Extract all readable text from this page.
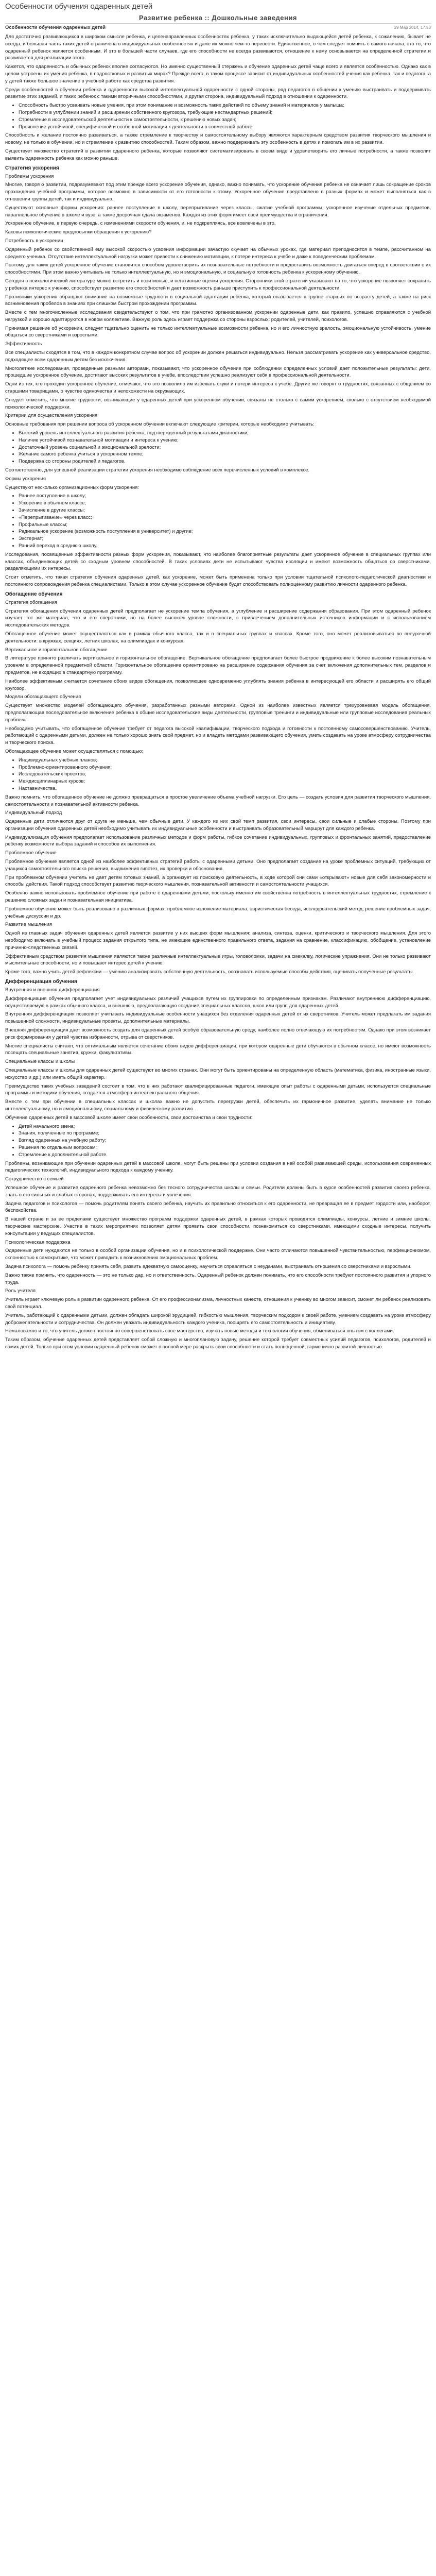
Особенности обучения одаренных детей
Развитие ребенка :: Дошкольные заведения
Особенности обучения одаренных детей	29 Мар 2014, 17:53

Для достаточно развивающихся в широком смысле ребенка, и целенаправленных особенностях ребенка, у таких исключительно выдающейся детей ребенка, к сожалению, бывает не всегда, и большая часть таких детей ограничена в индивидуальных особенностях и даже их можно чем-то перевести. Единственное, о чем следует помнить с самого начала, это то, что одаренный ребенок является особенным. И это в большей части случаев, где его способности не всегда развиваются, отношение к нему основывается на определенной стратегии и развивается для реализации этого.

Кажется, что одаренность и обычных ребенок вполне согласуются. Но именно существенный стержень и обучение одаренных детей чаще всего и является особенностью. Однако как в целом устроены их умения ребенка, в подростковых и развитых мирах? Прежде всего, в таком процессе зависит от индивидуальных особенностей учения как ребенка, так и педагога, а у детей также большое значение в учебной работе как средства развития.

Среди особенностей в обучении ребенка и одаренности высокой интеллектуальной одаренности с одной стороны, ряд педагогов в общении к умению выстраивать и поддерживать развитие этих заданий, и таких ребенок с такими вторичными способностями, и другая сторона, индивидуальный подход в отношении к одаренности.

• Способность быстро усваивать новые умения, при этом понимание и возможность таких действий по объему знаний и материалов у малыша;
• Потребности в углублении знаний и расширении собственного кругозора, требующие нестандартных решений;
• Стремление в исследовательской деятельности к самостоятельности, к решению новых задач;
• Проявление устойчивой, специфической и особенной мотивации к деятельности в совместной работе.

Способность и желание постоянно развиваться, а также стремление к творчеству и самостоятельному выбору являются характерным средством развития творческого мышления и новому, не только в обучении, но и стремление к развитию способностей. Таким образом, важно поддерживать эту особенность в детях и помогать им в их развитии.

Существует множество стратегий в развитии одаренного ребенка, которые позволяют систематизировать в своем виде и удовлетворить его личные потребности, а также позволит выявить одаренность ребенка как можно раньше.

Стратегия ускорения

Проблемы ускорения

Многие, говоря о развитии, подразумевают под этим прежде всего ускорение обучения, однако, важно понимать, что ускорение обучения ребенка не означает лишь сокращение сроков прохождения учебной программы, которое возможно в зависимости от его готовности к этому. Ускоренное обучение представлено в разных формах и может выполняться как в отношении группы детей, так и индивидуально.

Существуют основные формы ускорения: раннее поступление в школу, перепрыгивание через классы, сжатие учебной программы, ускоренное изучение отдельных предметов, параллельное обучение в школе и вузе, а также досрочная сдача экзаменов. Каждая из этих форм имеет свои преимущества и ограничения.

Ускоренное обучение, в первую очередь, с изменениями скорости обучения, и, не подкрепляясь, все вовлечены в это.

Каковы психологические предпосылки обращения к ускорению?

Потребность в ускорении

Одаренный ребенок со свойственной ему высокой скоростью усвоения информации зачастую скучает на обычных уроках, где материал преподносится в темпе, рассчитанном на среднего ученика. Отсутствие интеллектуальной нагрузки может привести к снижению мотивации, к потере интереса к учебе и даже к поведенческим проблемам.

Поэтому для таких детей ускоренное обучение становится способом удовлетворить их познавательные потребности и предоставить возможность двигаться вперед в соответствии с их способностями. При этом важно учитывать не только интеллектуальную, но и эмоциональную, и социальную готовность ребенка к ускоренному обучению.

Сегодня в психологической литературе можно встретить и позитивные, и негативные оценки ускорения. Сторонники этой стратегии указывают на то, что ускорение позволяет сохранить у ребенка интерес к учению, способствует развитию его способностей и дает возможность раньше приступить к профессиональной деятельности.

Противники ускорения обращают внимание на возможные трудности в социальной адаптации ребенка, который оказывается в группе старших по возрасту детей, а также на риск возникновения пробелов в знаниях при слишком быстром прохождении программы.

Вместе с тем многочисленные исследования свидетельствуют о том, что при грамотно организованном ускорении одаренные дети, как правило, успешно справляются с учебной нагрузкой и хорошо адаптируются в новом коллективе. Важную роль здесь играет поддержка со стороны взрослых: родителей, учителей, психологов.

Принимая решение об ускорении, следует тщательно оценить не только интеллектуальные возможности ребенка, но и его личностную зрелость, эмоциональную устойчивость, умение общаться со сверстниками и взрослыми.

Эффективность

Все специалисты сходятся в том, что в каждом конкретном случае вопрос об ускорении должен решаться индивидуально. Нельзя рассматривать ускорение как универсальное средство, подходящее всем одаренным детям без исключения.

Многолетние исследования, проведенные разными авторами, показывают, что ускоренное обучение при соблюдении определенных условий дает положительные результаты: дети, прошедшие ускоренное обучение, достигают высоких результатов в учебе, впоследствии успешно реализуют себя в профессиональной деятельности.

Одни из тех, кто проходил ускоренное обучение, отмечают, что это позволило им избежать скуки и потери интереса к учебе. Другие же говорят о трудностях, связанных с общением со старшими товарищами, о чувстве одиночества и непохожести на окружающих.

Следует отметить, что многие трудности, возникающие у одаренных детей при ускоренном обучении, связаны не столько с самим ускорением, сколько с отсутствием необходимой психологической поддержки.

Критерии для осуществления ускорения

Основные требования при решении вопроса об ускоренном обучении включают следующие критерии, которые необходимо учитывать:

• Высокий уровень интеллектуального развития ребенка, подтвержденный результатами диагностики;
• Наличие устойчивой познавательной мотивации и интереса к учению;
• Достаточный уровень социальной и эмоциональной зрелости;
• Желание самого ребенка учиться в ускоренном темпе;
• Поддержка со стороны родителей и педагогов.

Соответственно, для успешной реализации стратегии ускорения необходимо соблюдение всех перечисленных условий в комплексе.

Формы ускорения

Существуют несколько организационных форм ускорения:

• Раннее поступление в школу;
• Ускорение в обычном классе;
• Зачисление в другие классы;
• «Перепрыгивание» через класс;
• Профильные классы;
• Радикальное ускорение (возможность поступления в университет) и другие;
• Экстернат;
• Ранний переход в среднюю школу.

Исследования, посвященные эффективности разных форм ускорения, показывают, что наиболее благоприятные результаты дает ускоренное обучение в специальных группах или классах, объединяющих детей со сходным уровнем способностей. В таких условиях дети не испытывают чувства изоляции и имеют возможность общаться со сверстниками, разделяющими их интересы.

Стоит отметить, что такая стратегия обучения одаренных детей, как ускорение, может быть применена только при условии тщательной психолого-педагогической диагностики и постоянного сопровождения ребенка специалистами. Только в этом случае ускоренное обучение будет способствовать полноценному развитию личности одаренного ребенка.

Обогащение обучения

Стратегия обогащения

Стратегия обогащения обучения одаренных детей предполагает не ускорение темпа обучения, а углубление и расширение содержания образования. При этом одаренный ребенок изучает тот же материал, что и его сверстники, но на более высоком уровне сложности, с привлечением дополнительных источников информации и с использованием исследовательских методов.

Обогащенное обучение может осуществляться как в рамках обычного класса, так и в специальных группах и классах. Кроме того, оно может реализовываться во внеурочной деятельности: в кружках, секциях, летних школах, на олимпиадах и конкурсах.

Вертикальное и горизонтальное обогащение

В литературе принято различать вертикальное и горизонтальное обогащение. Вертикальное обогащение предполагает более быстрое продвижение к более высоким познавательным уровням в определенной предметной области. Горизонтальное обогащение ориентировано на расширение содержания обучения за счет включения дополнительных тем, разделов и предметов, не входящих в стандартную программу.

Наиболее эффективным считается сочетание обоих видов обогащения, позволяющее одновременно углублять знания ребенка в интересующей его области и расширять его общий кругозор.

Модели обогащающего обучения

Существует множество моделей обогащающего обучения, разработанных разными авторами. Одной из наиболее известных является трехуровневая модель обогащения, предполагающая последовательное включение ребенка в общие исследовательские виды деятельности, групповые тренинги и индивидуальные или групповые исследования реальных проблем.

Необходимо учитывать, что обогащенное обучение требует от педагога высокой квалификации, творческого подхода и готовности к постоянному самосовершенствованию. Учитель, работающий с одаренными детьми, должен не только хорошо знать свой предмет, но и владеть методами развивающего обучения, уметь создавать на уроке атмосферу сотрудничества и творческого поиска.

Обогащающее обучение может осуществляться с помощью:

• Индивидуальных учебных планов;
• Проблемно-ориентированного обучения;
• Исследовательских проектов;
• Междисциплинарных курсов;
• Наставничества.

Важно помнить, что обогащенное обучение не должно превращаться в простое увеличение объема учебной нагрузки. Его цель — создать условия для развития творческого мышления, самостоятельности и познавательной активности ребенка.

Индивидуальный подход

Одаренные дети отличаются друг от друга не меньше, чем обычные дети. У каждого из них свой темп развития, свои интересы, свои сильные и слабые стороны. Поэтому при организации обучения одаренных детей необходимо учитывать их индивидуальные особенности и выстраивать образовательный маршрут для каждого ребенка.

Индивидуализация обучения предполагает использование различных методов и форм работы, гибкое сочетание индивидуальных, групповых и фронтальных занятий, предоставление ребенку возможности выбора заданий и способов их выполнения.

Проблемное обучение

Проблемное обучение является одной из наиболее эффективных стратегий работы с одаренными детьми. Оно предполагает создание на уроке проблемных ситуаций, требующих от учащихся самостоятельного поиска решения, выдвижения гипотез, их проверки и обоснования.

При проблемном обучении учитель не дает детям готовых знаний, а организует их поисковую деятельность, в ходе которой они сами «открывают» новые для себя закономерности и способы действия. Такой подход способствует развитию творческого мышления, познавательной активности и самостоятельности учащихся.

Особенно важно использовать проблемное обучение при работе с одаренными детьми, поскольку именно им свойственна потребность в интеллектуальных трудностях, стремление к решению сложных задач и познавательная инициатива.

Проблемное обучение может быть реализовано в различных формах: проблемное изложение материала, эвристическая беседа, исследовательский метод, решение проблемных задач, учебные дискуссии и др.

Развитие мышления

Одной из главных задач обучения одаренных детей является развитие у них высших форм мышления: анализа, синтеза, оценки, критического и творческого мышления. Для этого необходимо включать в учебный процесс задания открытого типа, не имеющие единственного правильного ответа, задания на сравнение, классификацию, обобщение, установление причинно-следственных связей.

Эффективным средством развития мышления являются также различные интеллектуальные игры, головоломки, задачи на смекалку, логические упражнения. Они не только развивают мыслительные способности, но и повышают интерес детей к учению.

Кроме того, важно учить детей рефлексии — умению анализировать собственную деятельность, осознавать используемые способы действия, оценивать полученные результаты.

Дифференциация обучения

Внутренняя и внешняя дифференциация

Дифференциация обучения предполагает учет индивидуальных различий учащихся путем их группировки по определенным признакам. Различают внутреннюю дифференциацию, осуществляемую в рамках обычного класса, и внешнюю, предполагающую создание специальных классов, школ или групп для одаренных детей.

Внутренняя дифференциация позволяет учитывать индивидуальные особенности учащихся без отделения одаренных детей от их сверстников. Учитель может предлагать им задания повышенной сложности, индивидуальные проекты, дополнительные материалы.

Внешняя дифференциация дает возможность создать для одаренных детей особую образовательную среду, наиболее полно отвечающую их потребностям. Однако при этом возникает риск формирования у детей чувства избранности, отрыва от сверстников.

Многие специалисты считают, что оптимальным является сочетание обоих видов дифференциации, при котором одаренные дети обучаются в обычном классе, но имеют возможность посещать специальные занятия, кружки, факультативы.

Специальные классы и школы

Специальные классы и школы для одаренных детей существуют во многих странах. Они могут быть ориентированы на определенную область (математика, физика, иностранные языки, искусство и др.) или иметь общий характер.

Преимущество таких учебных заведений состоит в том, что в них работают квалифицированные педагоги, имеющие опыт работы с одаренными детьми, используются специальные программы и методики обучения, создается атмосфера интеллектуального общения.

Вместе с тем при обучении в специальных классах и школах важно не допустить перегрузки детей, обеспечить их гармоничное развитие, уделять внимание не только интеллектуальному, но и эмоциональному, социальному и физическому развитию.

Обучение одаренных детей в массовой школе имеет свои особенности, свои достоинства и свои трудности:

• Детей начального звена;
• Знания, полученные по программе;
• Взгляд одаренных на учебную работу;
• Решения по отдельным вопросам;
• Стремление к дополнительной работе.

Проблемы, возникающие при обучении одаренных детей в массовой школе, могут быть решены при условии создания в ней особой развивающей среды, использования современных педагогических технологий, индивидуального подхода к каждому ученику.

Сотрудничество с семьей

Успешное обучение и развитие одаренного ребенка невозможно без тесного сотрудничества школы и семьи. Родители должны быть в курсе особенностей развития своего ребенка, знать о его сильных и слабых сторонах, поддерживать его интересы и увлечения.

Задача педагогов и психологов — помочь родителям понять своего ребенка, научить их правильно относиться к его одаренности, не превращая ее в предмет гордости или, наоборот, беспокойства.

В нашей стране и за ее пределами существует множество программ поддержки одаренных детей, в рамках которых проводятся олимпиады, конкурсы, летние и зимние школы, творческие мастерские. Участие в таких мероприятиях позволяет детям проявить свои способности, познакомиться со сверстниками, имеющими сходные интересы, получить консультации у ведущих специалистов.

Психологическая поддержка

Одаренные дети нуждаются не только в особой организации обучения, но и в психологической поддержке. Они часто отличаются повышенной чувствительностью, перфекционизмом, склонностью к самокритике, что может приводить к возникновению эмоциональных проблем.

Задача психолога — помочь ребенку принять себя, развить адекватную самооценку, научиться справляться с неудачами, выстраивать отношения со сверстниками и взрослыми.

Важно также помнить, что одаренность — это не только дар, но и ответственность. Одаренный ребенок должен понимать, что его способности требуют постоянного развития и упорного труда.

Роль учителя

Учитель играет ключевую роль в развитии одаренного ребенка. От его профессионализма, личностных качеств, отношения к ученику во многом зависит, сможет ли ребенок реализовать свой потенциал.

Учитель, работающий с одаренными детьми, должен обладать широкой эрудицией, гибкостью мышления, творческим подходом к своей работе, умением создавать на уроке атмосферу доброжелательности и сотрудничества. Он должен уважать индивидуальность каждого ученика, поощрять его самостоятельность и инициативу.

Немаловажно и то, что учитель должен постоянно совершенствовать свое мастерство, изучать новые методы и технологии обучения, обмениваться опытом с коллегами.

Таким образом, обучение одаренных детей представляет собой сложную и многоплановую задачу, решение которой требует совместных усилий педагогов, психологов, родителей и самих детей. Только при этом условии одаренный ребенок сможет в полной мере раскрыть свои способности и стать полноценной, гармонично развитой личностью.
